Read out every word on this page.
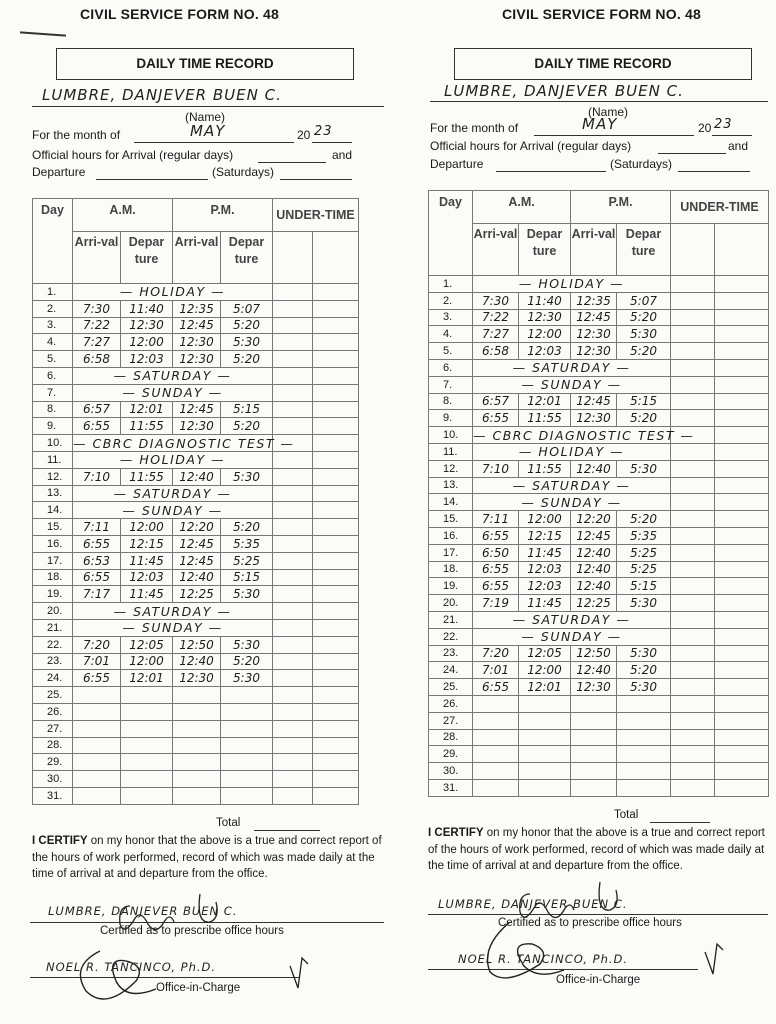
CIVIL SERVICE FORM NO. 48
DAILY TIME RECORD
LUMBRE, DANJEVER BUEN C.
(Name)
For the month of	MAY	20 23
Official hours for Arrival (regular days)	and
Departure	(Saturdays)
Day	A.M.		P.M.		UNDER-TIME	
	Arri-val	Depar ture	Arri-val	Depar ture		
1.	— HOLIDAY —					
2.	7:30	11:40	12:35	5:07		
3.	7:22	12:30	12:45	5:20		
4.	7:27	12:00	12:30	5:30		
5.	6:58	12:03	12:30	5:20		
6.	— SATURDAY —					
7.	— SUNDAY —					
8.	6:57	12:01	12:45	5:15		
9.	6:55	11:55	12:30	5:20		
10.	— CBRC DIAGNOSTIC TEST —					
11.	— HOLIDAY —					
12.	7:10	11:55	12:40	5:30		
13.	— SATURDAY —					
14.	— SUNDAY —					
15.	7:11	12:00	12:20	5:20		
16.	6:55	12:15	12:45	5:35		
17.	6:53	11:45	12:45	5:25		
18.	6:55	12:03	12:40	5:15		
19.	7:17	11:45	12:25	5:30		
20.	— SATURDAY —					
21.	— SUNDAY —					
22.	7:20	12:05	12:50	5:30		
23.	7:01	12:00	12:40	5:20		
24.	6:55	12:01	12:30	5:30		
25.						
26.						
27.						
28.						
29.						
30.						
31.						
Total
I CERTIFY on my honor that the above is a true and correct report of the hours of work performed, record of which was made daily at the time of arrival at and departure from the office.
LUMBRE, DANJEVER BUEN C.
Certified as to prescribe office hours
NOEL R. TANCINCO, Ph.D.
Office-in-Charge
CIVIL SERVICE FORM NO. 48
DAILY TIME RECORD
LUMBRE, DANJEVER BUEN C.
(Name)
For the month of	MAY	20 23
Official hours for Arrival (regular days)	and
Departure	(Saturdays)
Day	A.M.		P.M.		UNDER-TIME	
	Arri-val	Depar ture	Arri-val	Depar ture		
1.	— HOLIDAY —					
2.	7:30	11:40	12:35	5:07		
3.	7:22	12:30	12:45	5:20		
4.	7:27	12:00	12:30	5:30		
5.	6:58	12:03	12:30	5:20		
6.	— SATURDAY —					
7.	— SUNDAY —					
8.	6:57	12:01	12:45	5:15		
9.	6:55	11:55	12:30	5:20		
10.	— CBRC DIAGNOSTIC TEST —					
11.	— HOLIDAY —					
12.	7:10	11:55	12:40	5:30		
13.	— SATURDAY —					
14.	— SUNDAY —					
15.	7:11	12:00	12:20	5:20		
16.	6:55	12:15	12:45	5:35		
17.	6:50	11:45	12:40	5:25		
18.	6:55	12:03	12:40	5:25		
19.	6:55	12:03	12:40	5:15		
20.	7:19	11:45	12:25	5:30		
21.	— SATURDAY —					
22.	— SUNDAY —					
23.	7:20	12:05	12:50	5:30		
24.	7:01	12:00	12:40	5:20		
25.	6:55	12:01	12:30	5:30		
26.						
27.						
28.						
29.						
30.						
31.						
Total
I CERTIFY on my honor that the above is a true and correct report of the hours of work performed, record of which was made daily at the time of arrival at and departure from the office.
LUMBRE, DANJEVER BUEN C.
Certified as to prescribe office hours
NOEL R. TANCINCO, Ph.D.
Office-in-Charge
